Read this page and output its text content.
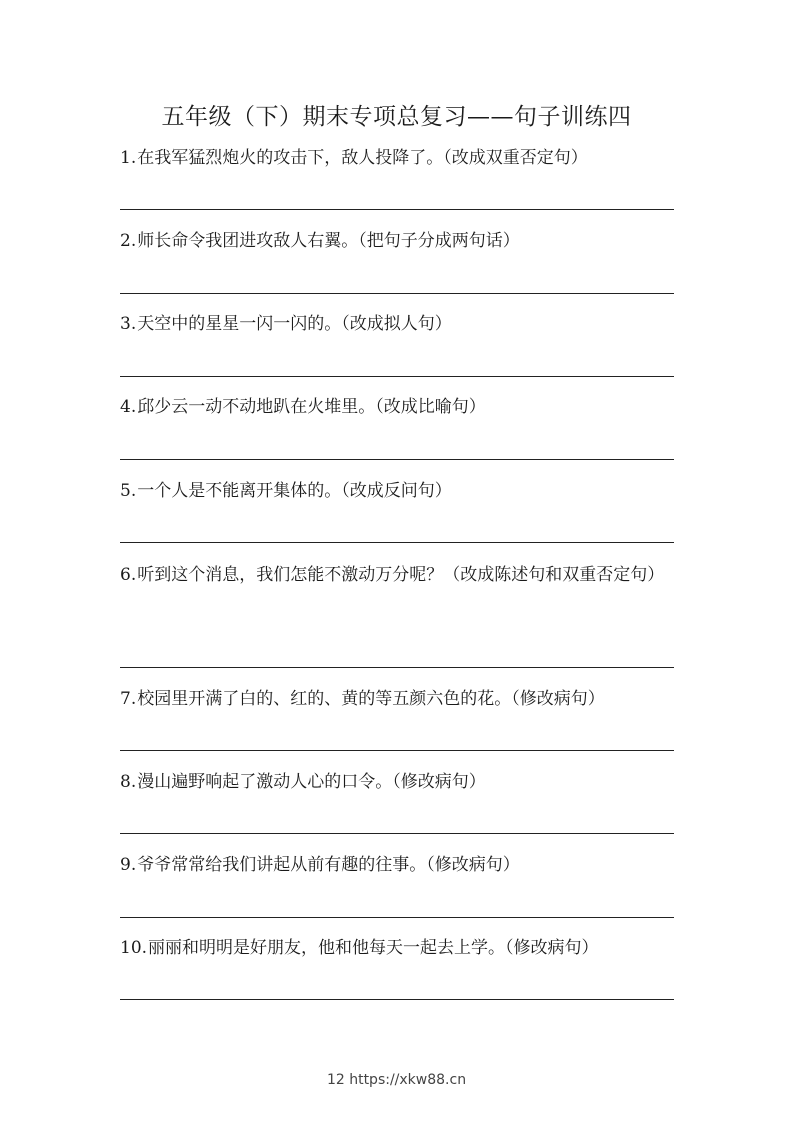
五年级（下）期末专项总复习——句子训练四
1.在我军猛烈炮火的攻击下，敌人投降了。（改成双重否定句）
2.师长命令我团进攻敌人右翼。（把句子分成两句话）
3.天空中的星星一闪一闪的。（改成拟人句）
4.邱少云一动不动地趴在火堆里。（改成比喻句）
5.一个人是不能离开集体的。（改成反问句）
6.听到这个消息，我们怎能不激动万分呢？（改成陈述句和双重否定句）
7.校园里开满了白的、红的、黄的等五颜六色的花。（修改病句）
8.漫山遍野响起了激动人心的口令。（修改病句）
9.爷爷常常给我们讲起从前有趣的往事。（修改病句）
10.丽丽和明明是好朋友，他和他每天一起去上学。（修改病句）
12 https://xkw88.cn
